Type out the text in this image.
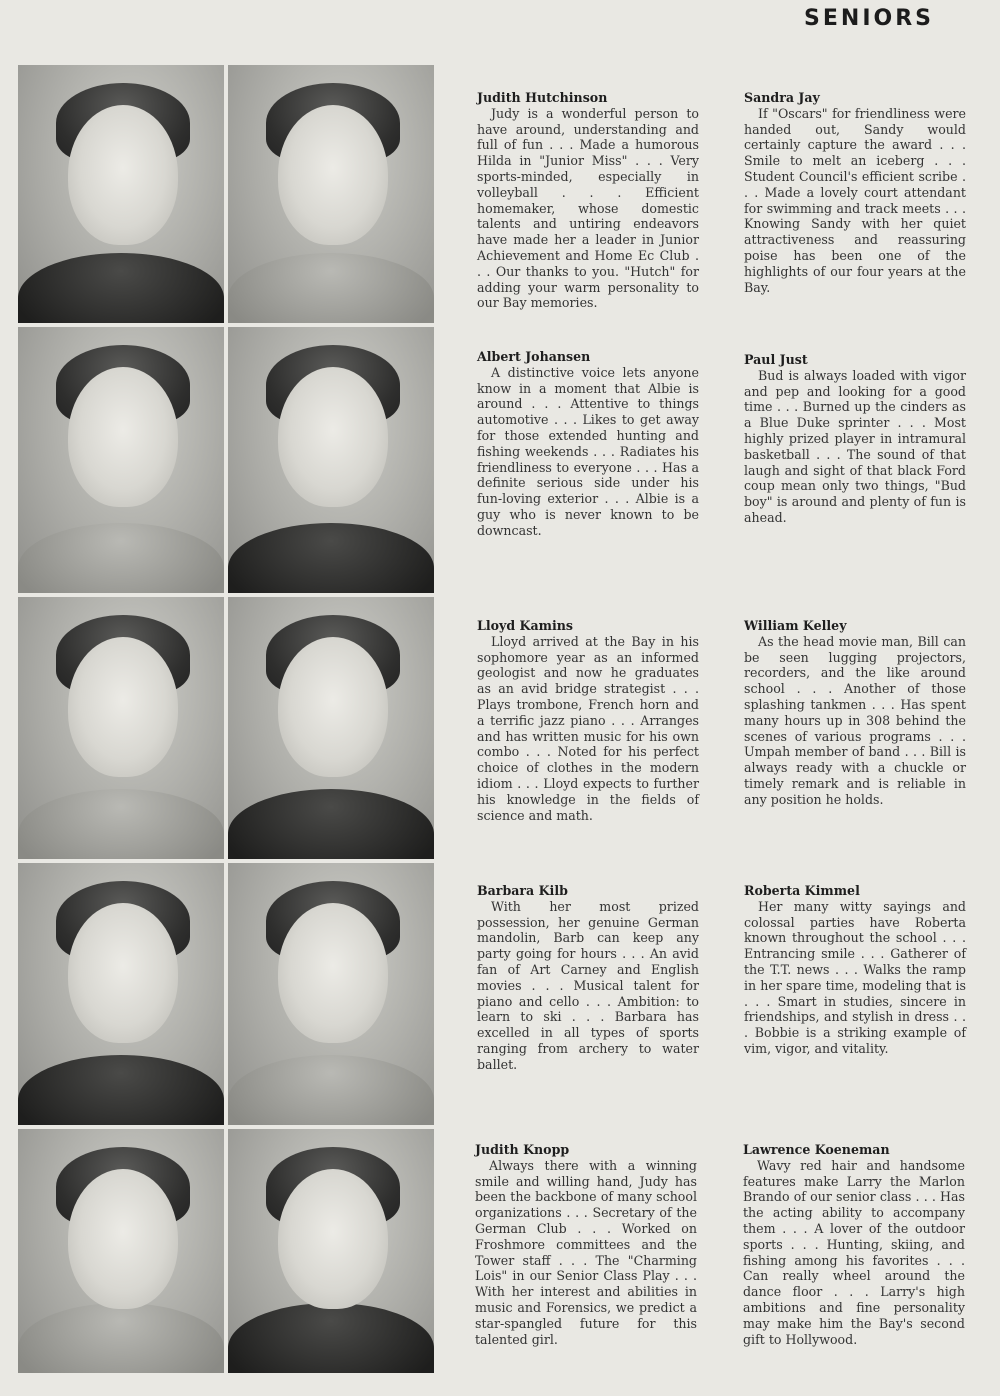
SENIORS
Judith Hutchinson
Judy is a wonderful person to have around, understanding and full of fun . . . Made a humorous Hilda in "Junior Miss" . . . Very sports-minded, especially in volleyball . . . Efficient homemaker, whose domestic talents and untiring endeavors have made her a leader in Junior Achievement and Home Ec Club . . . Our thanks to you. "Hutch" for adding your warm personality to our Bay memories.
Sandra Jay
If "Oscars" for friendliness were handed out, Sandy would certainly capture the award . . . Smile to melt an iceberg . . . Student Council's efficient scribe . . . Made a lovely court attendant for swimming and track meets . . . Knowing Sandy with her quiet attractiveness and reassuring poise has been one of the highlights of our four years at the Bay.
Albert Johansen
A distinctive voice lets anyone know in a moment that Albie is around . . . Attentive to things automotive . . . Likes to get away for those extended hunting and fishing weekends . . . Radiates his friendliness to everyone . . . Has a definite serious side under his fun-loving exterior . . . Albie is a guy who is never known to be downcast.
Paul Just
Bud is always loaded with vigor and pep and looking for a good time . . . Burned up the cinders as a Blue Duke sprinter . . . Most highly prized player in intramural basketball . . . The sound of that laugh and sight of that black Ford coup mean only two things, "Bud boy" is around and plenty of fun is ahead.
Lloyd Kamins
Lloyd arrived at the Bay in his sophomore year as an informed geologist and now he graduates as an avid bridge strategist . . . Plays trombone, French horn and a terrific jazz piano . . . Arranges and has written music for his own combo . . . Noted for his perfect choice of clothes in the modern idiom . . . Lloyd expects to further his knowledge in the fields of science and math.
William Kelley
As the head movie man, Bill can be seen lugging projectors, recorders, and the like around school . . . Another of those splashing tankmen . . . Has spent many hours up in 308 behind the scenes of various programs . . . Umpah member of band . . . Bill is always ready with a chuckle or timely remark and is reliable in any position he holds.
Barbara Kilb
With her most prized possession, her genuine German mandolin, Barb can keep any party going for hours . . . An avid fan of Art Carney and English movies . . . Musical talent for piano and cello . . . Ambition: to learn to ski . . . Barbara has excelled in all types of sports ranging from archery to water ballet.
Roberta Kimmel
Her many witty sayings and colossal parties have Roberta known throughout the school . . . Entrancing smile . . . Gatherer of the T.T. news . . . Walks the ramp in her spare time, modeling that is . . . Smart in studies, sincere in friendships, and stylish in dress . . . Bobbie is a striking example of vim, vigor, and vitality.
Judith Knopp
Always there with a winning smile and willing hand, Judy has been the backbone of many school organizations . . . Secretary of the German Club . . . Worked on Froshmore committees and the Tower staff . . . The "Charming Lois" in our Senior Class Play . . . With her interest and abilities in music and Forensics, we predict a star-spangled future for this talented girl.
Lawrence Koeneman
Wavy red hair and handsome features make Larry the Marlon Brando of our senior class . . . Has the acting ability to accompany them . . . A lover of the outdoor sports . . . Hunting, skiing, and fishing among his favorites . . . Can really wheel around the dance floor . . . Larry's high ambitions and fine personality may make him the Bay's second gift to Hollywood.
